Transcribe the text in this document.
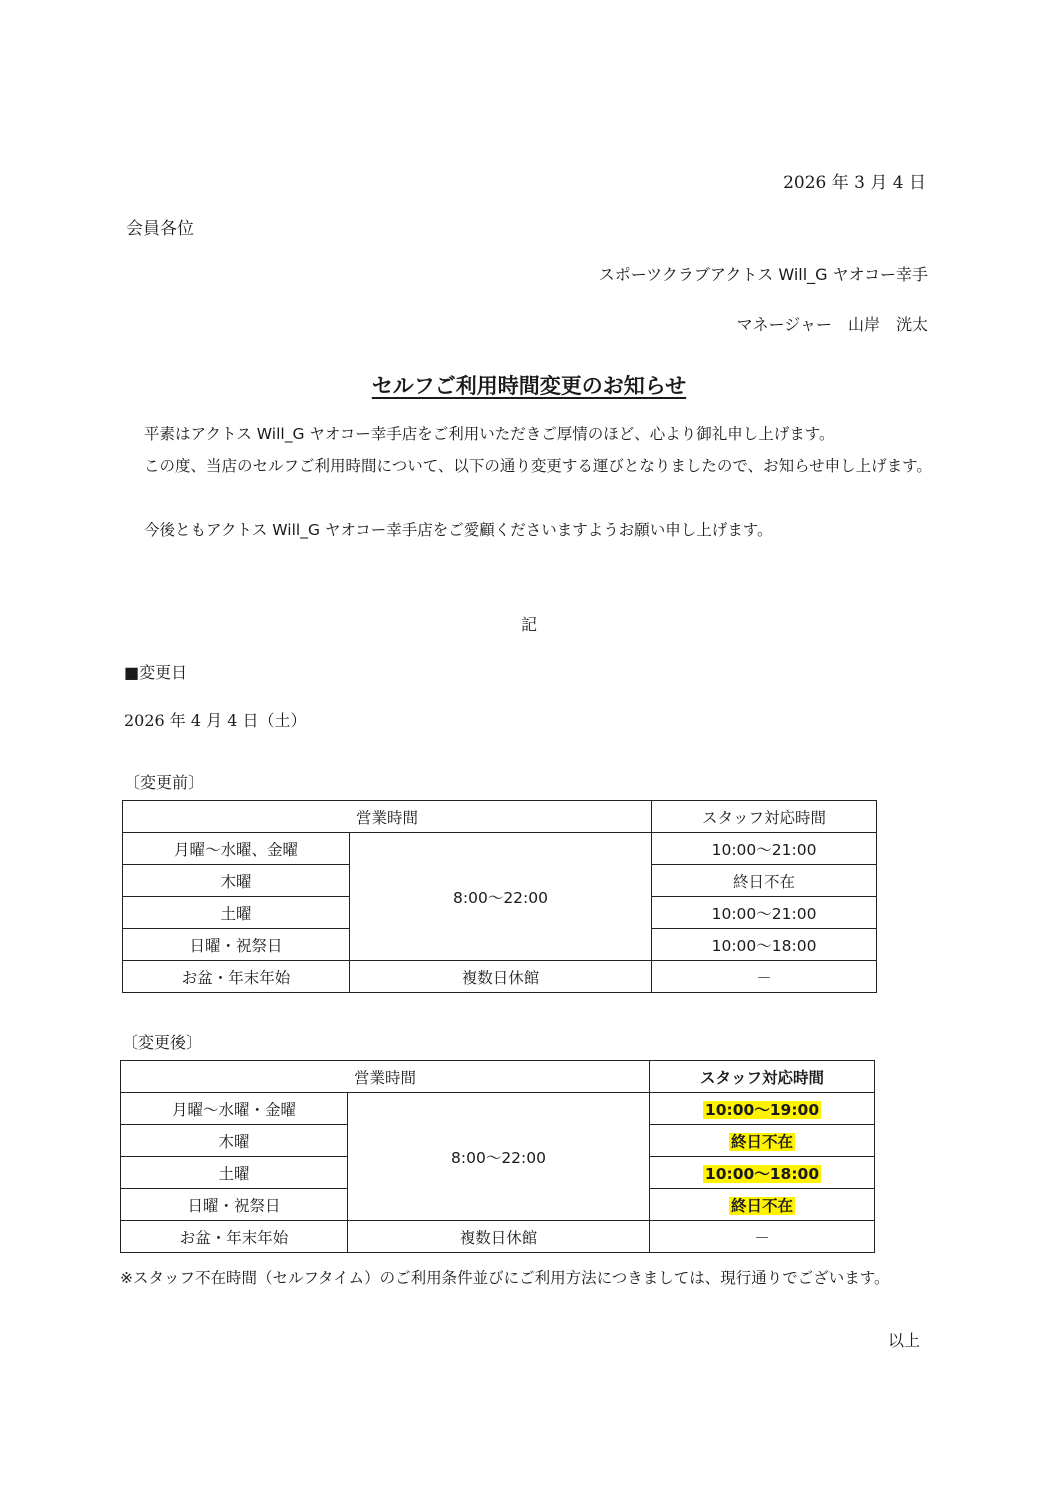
2026 年 3 月 4 日
会員各位
スポーツクラブアクトス Will_G ヤオコー幸手
マネージャー　山岸　洸太
セルフご利用時間変更のお知らせ
平素はアクトス Will_G ヤオコー幸手店をご利用いただきご厚情のほど、心より御礼申し上げます。
この度、当店のセルフご利用時間について、以下の通り変更する運びとなりましたので、お知らせ申し上げます。
今後ともアクトス Will_G ヤオコー幸手店をご愛顧くださいますようお願い申し上げます。
記
■変更日
2026 年 4 月 4 日（土）
〔変更前〕
営業時間		スタッフ対応時間
月曜～水曜、金曜	8:00～22:00	10:00～21:00
木曜		終日不在
土曜		10:00～21:00
日曜・祝祭日		10:00～18:00
お盆・年末年始	複数日休館	－
〔変更後〕
営業時間		スタッフ対応時間
月曜～水曜・金曜	8:00～22:00	10:00～19:00
木曜		終日不在
土曜		10:00～18:00
日曜・祝祭日		終日不在
お盆・年末年始	複数日休館	－
※スタッフ不在時間（セルフタイム）のご利用条件並びにご利用方法につきましては、現行通りでございます。
以上
